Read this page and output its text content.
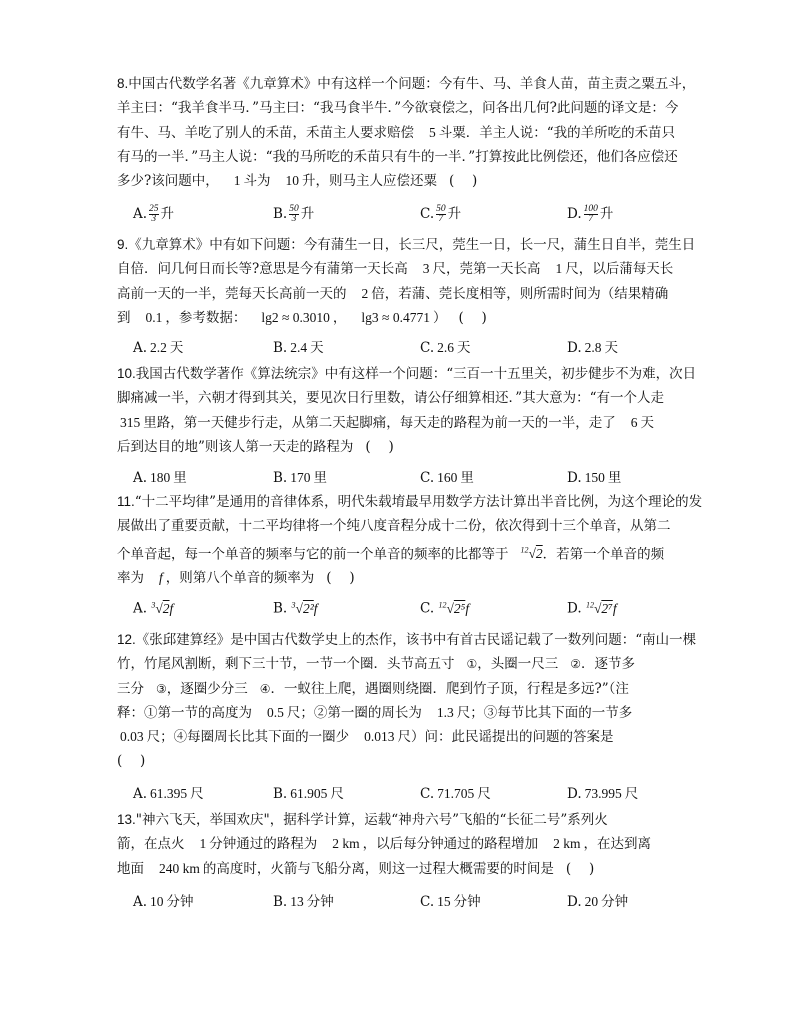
8.中国古代数学名著《九章算术》中有这样一个问题：今有牛、马、羊食人苗，苗主责之粟五斗，

羊主曰：“我羊食半马．”马主曰：“我马食半牛．”今欲衰偿之，问各出几何?此问题的译文是：今

有牛、马、羊吃了别人的禾苗，禾苗主人要求赔偿 5 斗粟．羊主人说：“我的羊所吃的禾苗只

有马的一半．”马主人说：“我的马所吃的禾苗只有牛的一半．”打算按此比例偿还，他们各应偿还

多少?该问题中， 1 斗为 10 升，则马主人应偿还粟 (　 )

A. $\frac{25}{3}$ 升	B. $\frac{50}{3}$ 升	C. $\frac{50}{7}$ 升	D. $\frac{100}{7}$ 升

9.《九章算术》中有如下问题：今有蒲生一日，长三尺，莞生一日，长一尺，蒲生日自半，莞生日

自倍．问几何日而长等?意思是今有蒲第一天长高 3 尺，莞第一天长高 1 尺，以后蒲每天长

高前一天的一半，莞每天长高前一天的 2 倍，若蒲、莞长度相等，则所需时间为（结果精确

到 0.1 ，参考数据： lg2 ≈ 0.3010 ， lg3 ≈ 0.4771 ） (　 )

A. 2.2 天	B. 2.4 天	C. 2.6 天	D. 2.8 天

10.我国古代数学著作《算法统宗》中有这样一个问题：“三百一十五里关，初步健步不为难，次日

脚痛减一半，六朝才得到其关，要见次日行里数，请公仔细算相还．”其大意为：“有一个人走

315 里路，第一天健步行走，从第二天起脚痛，每天走的路程为前一天的一半，走了 6 天

后到达目的地”则该人第一天走的路程为 (　 )

A. 180 里	B. 170 里	C. 160 里	D. 150 里

11.“十二平均律”是通用的音律体系，明代朱载堉最早用数学方法计算出半音比例，为这个理论的发

展做出了重要贡献，十二平均律将一个纯八度音程分成十二份，依次得到十三个单音，从第二

个单音起，每一个单音的频率与它的前一个单音的频率的比都等于 $^{12}$√2．若第一个单音的频

率为 f ，则第八个单音的频率为 (　 )

A. $^3$√2f	B. $^3$√2²f	C. $^{12}$√2⁵f	D. $^{12}$√2⁷f

12.《张邱建算经》是中国古代数学史上的杰作，该书中有首古民谣记载了一数列问题：“南山一棵

竹，竹尾风割断，剩下三十节，一节一个圈．头节高五寸 ①，头圈一尺三 ②．逐节多

三分 ③，逐圈少分三 ④．一蚁往上爬，遇圈则绕圈．爬到竹子顶，行程是多远?”（注

释：①第一节的高度为 0.5 尺；②第一圈的周长为 1.3 尺；③每节比其下面的一节多

0.03 尺；④每圈周长比其下面的一圈少 0.013 尺）问：此民谣提出的问题的答案是

(　 )

A. 61.395 尺	B. 61.905 尺	C. 71.705 尺	D. 73.995 尺

13."神六飞天，举国欢庆"，据科学计算，运载“神舟六号”飞船的“长征二号”系列火

箭，在点火 1 分钟通过的路程为 2 km ，以后每分钟通过的路程增加 2 km ，在达到离

地面 240 km 的高度时，火箭与飞船分离，则这一过程大概需要的时间是 (　 )

A. 10 分钟	B. 13 分钟	C. 15 分钟	D. 20 分钟
